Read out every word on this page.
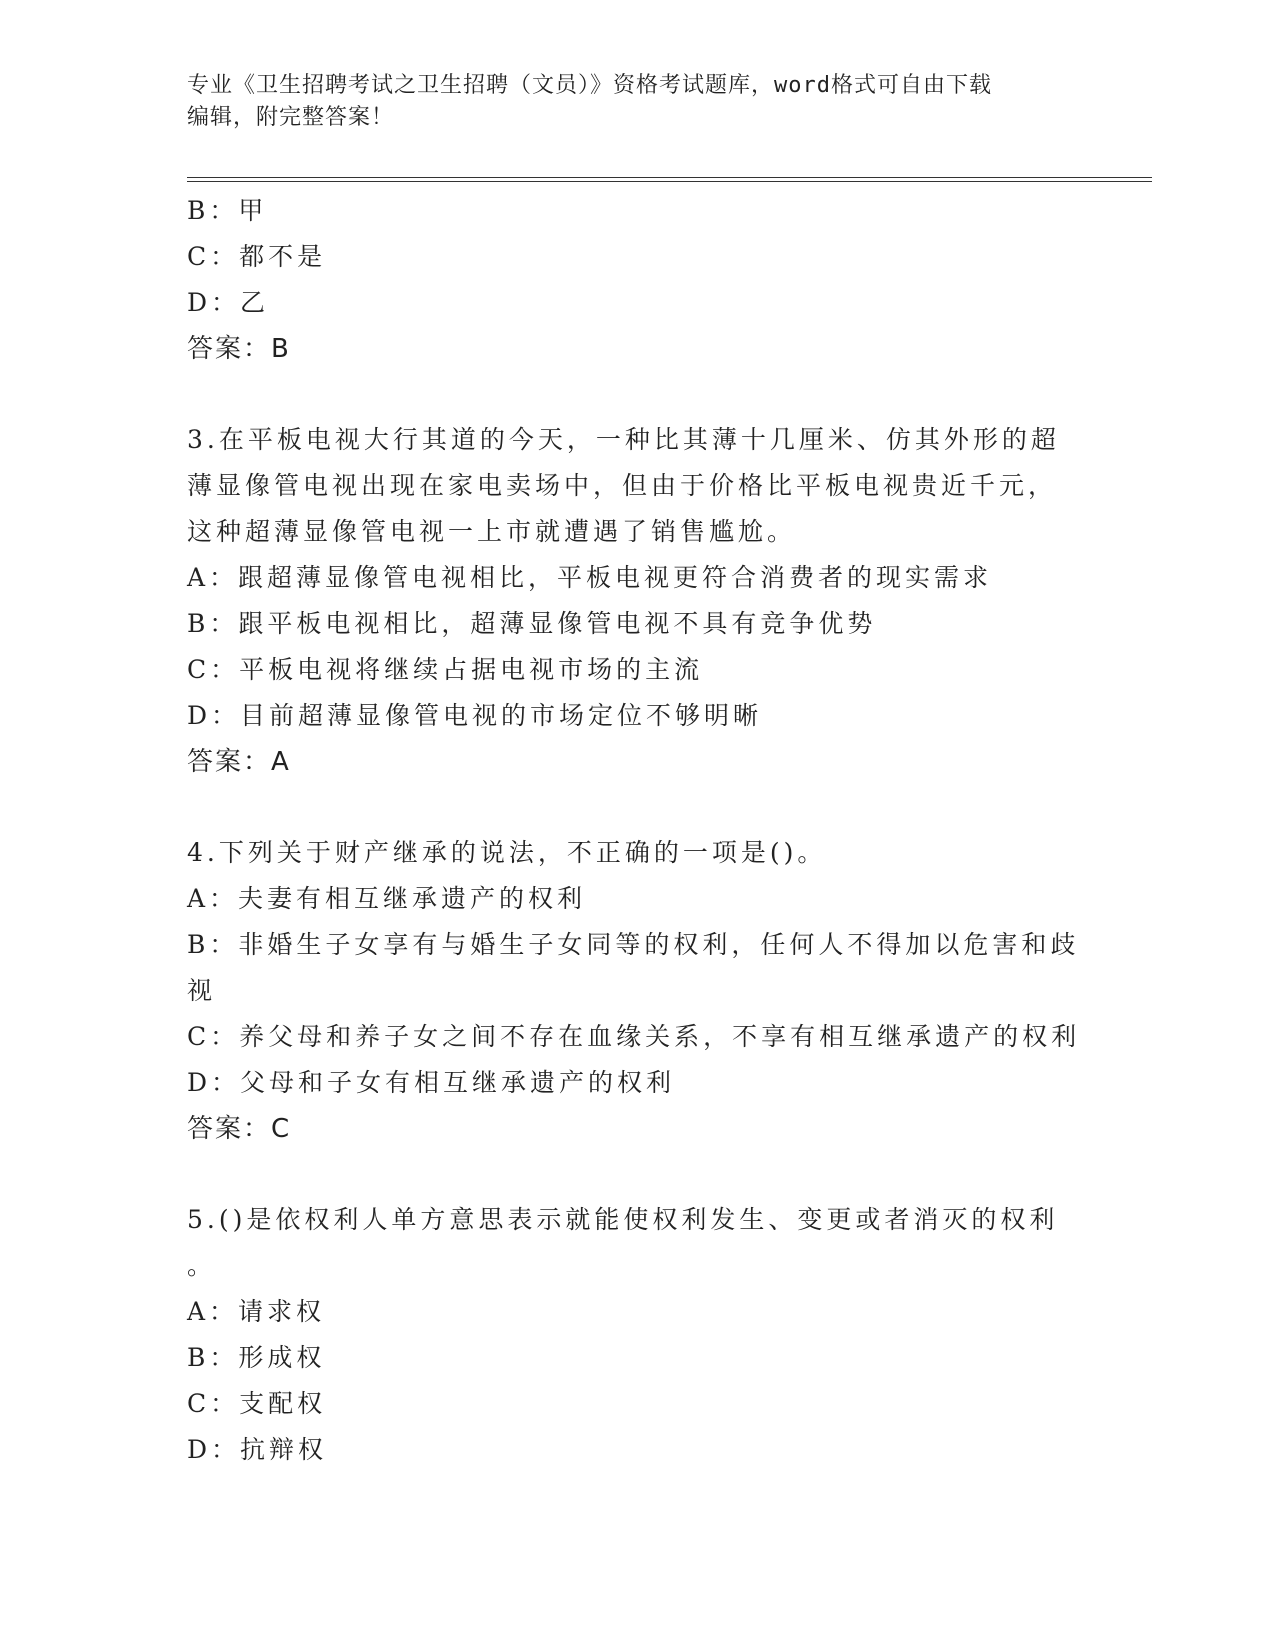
专业《卫生招聘考试之卫生招聘（文员）》资格考试题库，word格式可自由下载
编辑，附完整答案！
B：甲
C：都不是
D：乙
答案：B
3.在平板电视大行其道的今天，一种比其薄十几厘米、仿其外形的超
薄显像管电视出现在家电卖场中，但由于价格比平板电视贵近千元，
这种超薄显像管电视一上市就遭遇了销售尴尬。
A：跟超薄显像管电视相比，平板电视更符合消费者的现实需求
B：跟平板电视相比，超薄显像管电视不具有竞争优势
C：平板电视将继续占据电视市场的主流
D：目前超薄显像管电视的市场定位不够明晰
答案：A
4.下列关于财产继承的说法，不正确的一项是()。
A：夫妻有相互继承遗产的权利
B：非婚生子女享有与婚生子女同等的权利，任何人不得加以危害和歧
视
C：养父母和养子女之间不存在血缘关系，不享有相互继承遗产的权利
D：父母和子女有相互继承遗产的权利
答案：C
5.()是依权利人单方意思表示就能使权利发生、变更或者消灭的权利
。
A：请求权
B：形成权
C：支配权
D：抗辩权
